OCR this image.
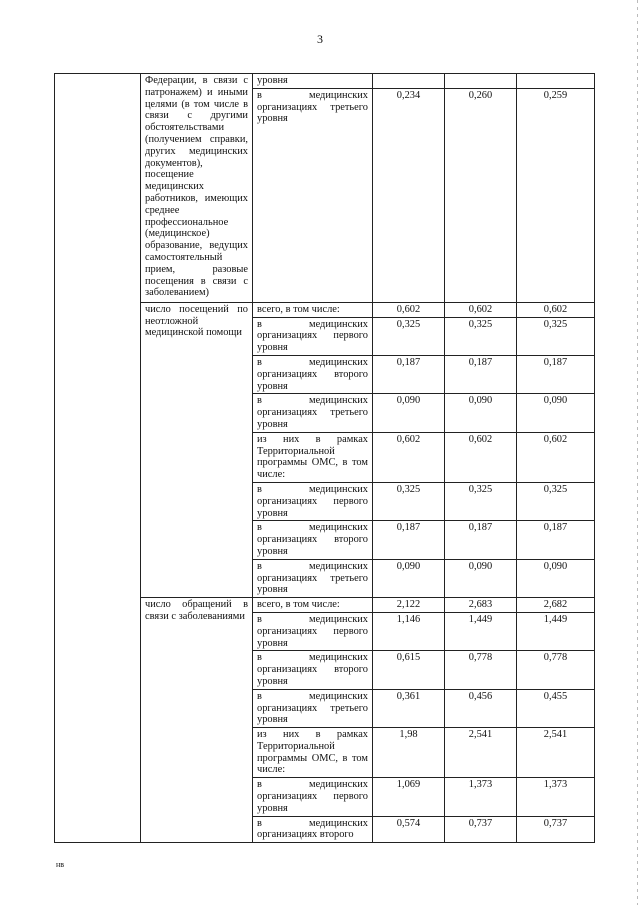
3

	Федерации, в связи с патронажем) и иными целями (в том числе в связи с другими обстоятельствами (получением справки, других медицинских документов), посещение медицинских работников, имеющих среднее профессиональное (медицинское) образование, ведущих самостоятельный прием, разовые посещения в связи с заболеванием)	уровня			

		в медицинских организациях третьего уровня	0,234	0,260	0,259

	число посещений по неотложной медицинской помощи	всего, в том числе:	0,602	0,602	0,602

		в медицинских организациях первого уровня	0,325	0,325	0,325

		в медицинских организациях второго уровня	0,187	0,187	0,187

		в медицинских организациях третьего уровня	0,090	0,090	0,090

		из них в рамках Территориальной программы ОМС, в том числе:	0,602	0,602	0,602

		в медицинских организациях первого уровня	0,325	0,325	0,325

		в медицинских организациях второго уровня	0,187	0,187	0,187

		в медицинских организациях третьего уровня	0,090	0,090	0,090

	число обращений в связи с заболеваниями	всего, в том числе:	2,122	2,683	2,682

		в медицинских организациях первого уровня	1,146	1,449	1,449

		в медицинских организациях второго уровня	0,615	0,778	0,778

		в медицинских организациях третьего уровня	0,361	0,456	0,455

		из них в рамках Территориальной программы ОМС, в том числе:	1,98	2,541	2,541

		в медицинских организациях первого уровня	1,069	1,373	1,373

		в медицинских организациях второго	0,574	0,737	0,737
нв
